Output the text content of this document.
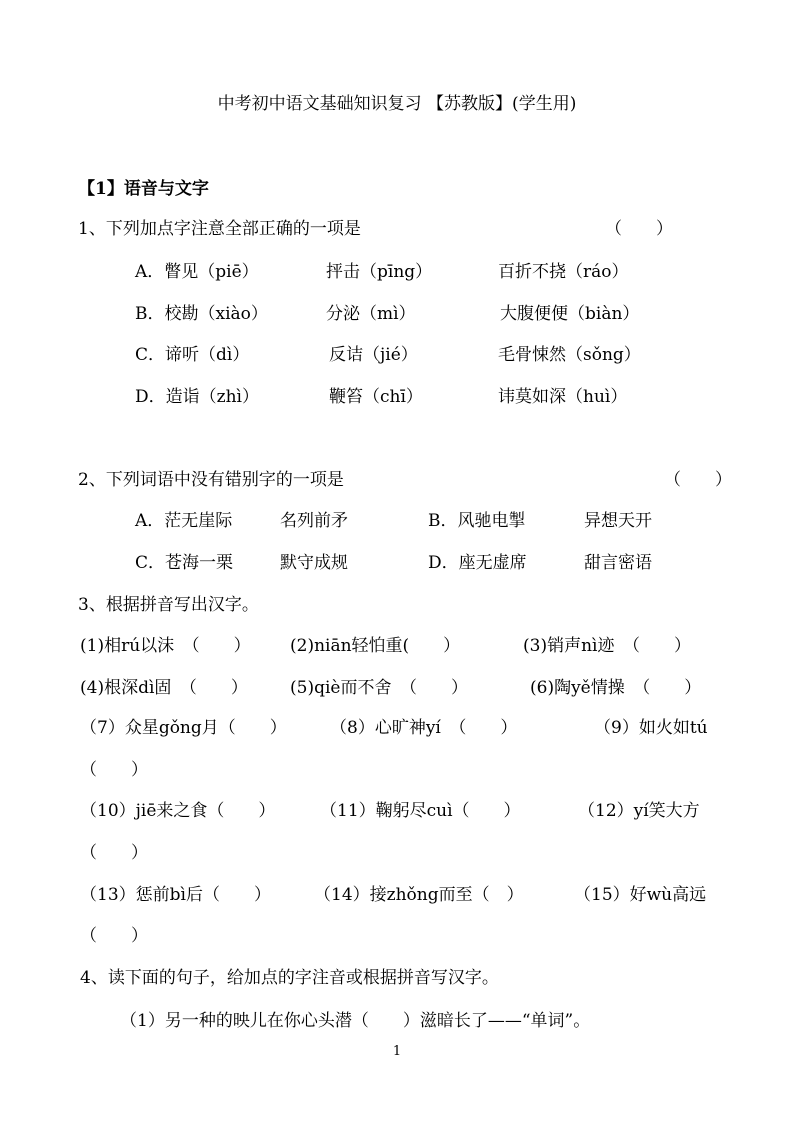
中考初中语文基础知识复习 【苏教版】(学生用)
【1】语音与文字
1、下列加点字注意全部正确的一项是	（　　）
A．瞥见（piē）	抨击（pīng）	百折不挠（ráo）
B．校勘（xiào）	分泌（mì）	大腹便便（biàn）
C．谛听（dì）	反诘（jié）	毛骨悚然（sǒng）
D．造诣（zhì）	鞭笞（chī）	讳莫如深（huì）
2、下列词语中没有错别字的一项是	（　　）
A．茫无崖际	名列前矛	B．风驰电掣	异想天开
C．苍海一栗	默守成规	D．座无虚席	甜言密语
3、根据拼音写出汉字。
(1)相rú以沫　（　　） (2)niān轻怕重(　　）	(3)销声nì迹　（　　）
(4)根深dì固　（　　） (5)qiè而不舍　（　　）	(6)陶yě情操　（　　）
（7）众星gǒng月（　　）	（8）心旷神yí　（　　）	（9）如火如tú
（　　）
（10）jiē来之食（　　）	（11）鞠躬尽cuì（　　）	（12）yí笑大方
（　　）
（13）惩前bì后（　　）	（14）接zhǒng而至（　）	（15）好wù高远
（　　）
4、读下面的句子，给加点的字注音或根据拼音写汉字。
（1）另一种的映儿在你心头潜（　　）滋暗长了——“单词”。
1
